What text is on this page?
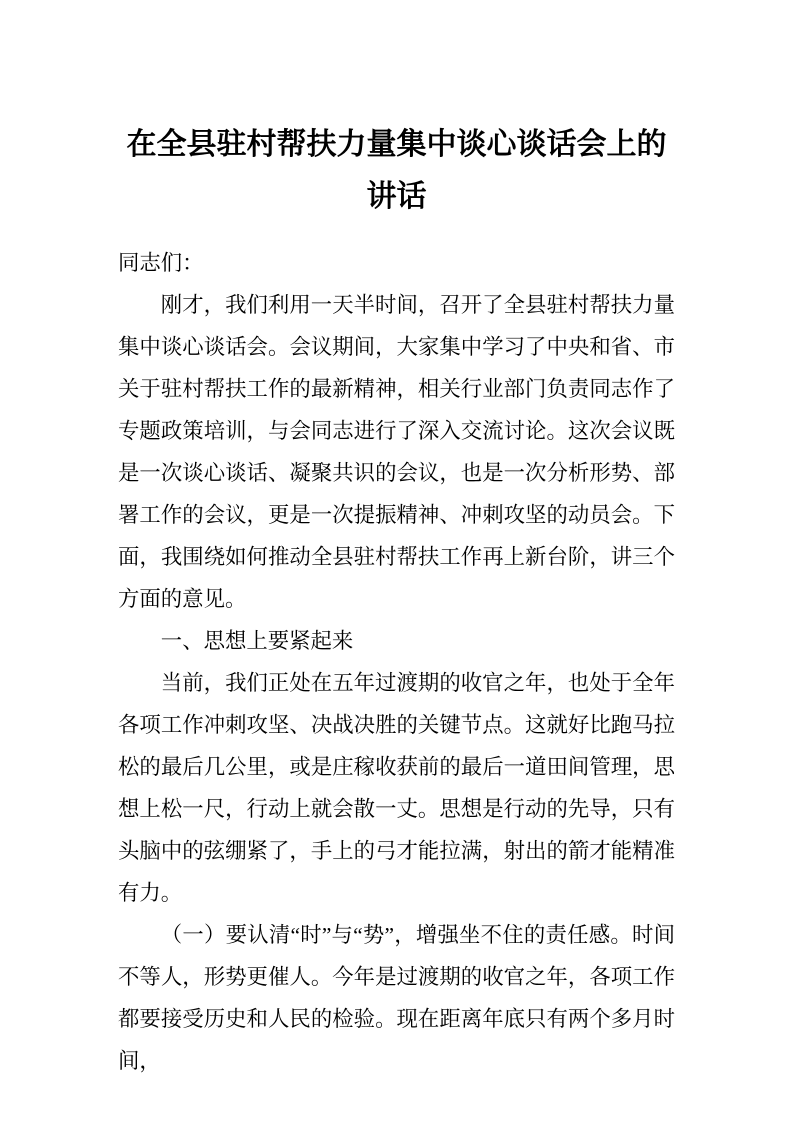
在全县驻村帮扶力量集中谈心谈话会上的讲话

同志们：

刚才，我们利用一天半时间，召开了全县驻村帮扶力量集中谈心谈话会。会议期间，大家集中学习了中央和省、市关于驻村帮扶工作的最新精神，相关行业部门负责同志作了专题政策培训，与会同志进行了深入交流讨论。这次会议既是一次谈心谈话、凝聚共识的会议，也是一次分析形势、部署工作的会议，更是一次提振精神、冲刺攻坚的动员会。下面，我围绕如何推动全县驻村帮扶工作再上新台阶，讲三个方面的意见。

一、思想上要紧起来

当前，我们正处在五年过渡期的收官之年，也处于全年各项工作冲刺攻坚、决战决胜的关键节点。这就好比跑马拉松的最后几公里，或是庄稼收获前的最后一道田间管理，思想上松一尺，行动上就会散一丈。思想是行动的先导，只有头脑中的弦绷紧了，手上的弓才能拉满，射出的箭才能精准有力。

（一）要认清“时”与“势”，增强坐不住的责任感。时间不等人，形势更催人。今年是过渡期的收官之年，各项工作都要接受历史和人民的检验。现在距离年底只有两个多月时间，
